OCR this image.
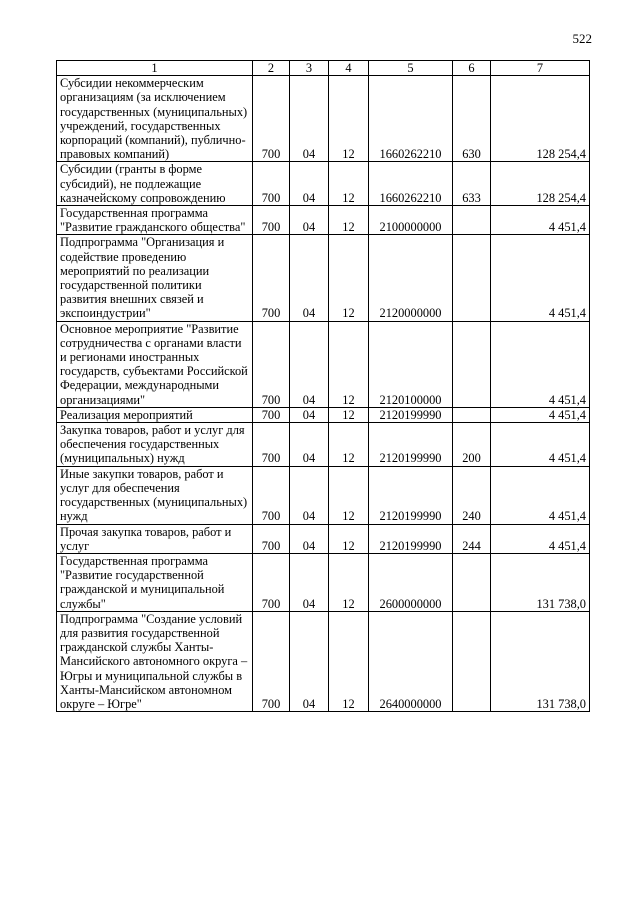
522
1	2	3	4	5	6	7
Субсидии некоммерческим организациям (за исключением государственных (муниципальных) учреждений, государственных корпораций (компаний), публично-правовых компаний)	700	04	12	1660262210	630	128 254,4
Субсидии (гранты в форме субсидий), не подлежащие казначейскому сопровождению	700	04	12	1660262210	633	128 254,4
Государственная программа "Развитие гражданского общества"	700	04	12	2100000000		4 451,4
Подпрограмма "Организация и содействие проведению мероприятий по реализации государственной политики развития внешних связей и экспоиндустрии"	700	04	12	2120000000		4 451,4
Основное мероприятие "Развитие сотрудничества с органами власти и регионами иностранных государств, субъектами Российской Федерации, международными организациями"	700	04	12	2120100000		4 451,4
Реализация мероприятий	700	04	12	2120199990		4 451,4
Закупка товаров, работ и услуг для обеспечения государственных (муниципальных) нужд	700	04	12	2120199990	200	4 451,4
Иные закупки товаров, работ и услуг для обеспечения государственных (муниципальных) нужд	700	04	12	2120199990	240	4 451,4
Прочая закупка товаров, работ и услуг	700	04	12	2120199990	244	4 451,4
Государственная программа "Развитие государственной гражданской и муниципальной службы"	700	04	12	2600000000		131 738,0
Подпрограмма "Создание условий для развития государственной гражданской службы Ханты-Мансийского автономного округа – Югры и муниципальной службы в Ханты-Мансийском автономном округе – Югре"	700	04	12	2640000000		131 738,0
